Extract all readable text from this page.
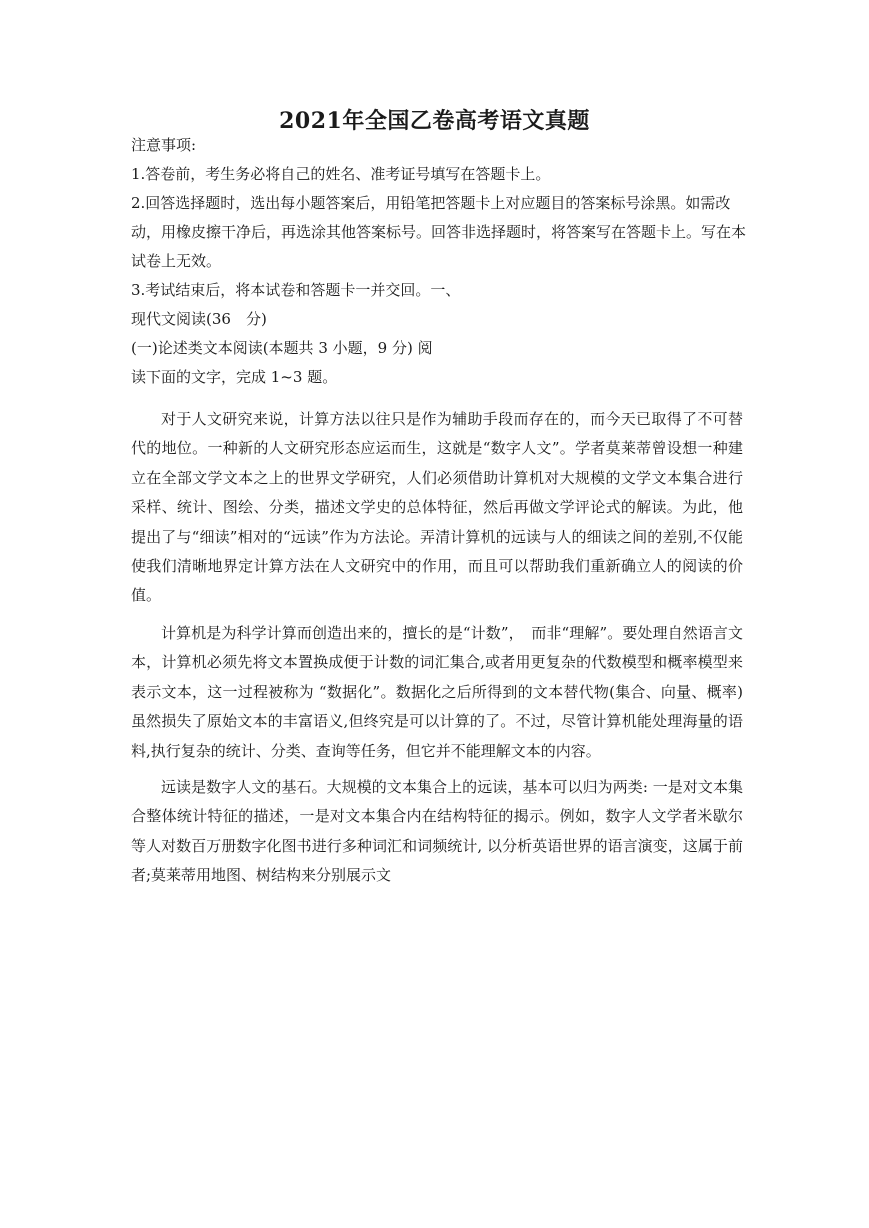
2021年全国乙卷高考语文真题

注意事项:

1.答卷前，考生务必将自己的姓名、准考证号填写在答题卡上。

2.回答选择题时，选出每小题答案后，用铅笔把答题卡上对应题目的答案标号涂黑。如需改

动，用橡皮擦干净后，再选涂其他答案标号。回答非选择题时，将答案写在答题卡上。写在本

试卷上无效。

3.考试结束后，将本试卷和答题卡一并交回。一、

现代文阅读(36　分)

(一)论述类文本阅读(本题共 3 小题，9 分) 阅

读下面的文字，完成 1~3 题。

对于人文研究来说，计算方法以往只是作为辅助手段而存在的，而今天已取得了不可替代的地位。一种新的人文研究形态应运而生，这就是“数字人文”。学者莫莱蒂曾设想一种建立在全部文学文本之上的世界文学研究，人们必须借助计算机对大规模的文学文本集合进行采样、统计、图绘、分类，描述文学史的总体特征，然后再做文学评论式的解读。为此，他提出了与“细读”相对的“远读”作为方法论。弄清计算机的远读与人的细读之间的差别,不仅能使我们清晰地界定计算方法在人文研究中的作用，而且可以帮助我们重新确立人的阅读的价值。

计算机是为科学计算而创造出来的，擅长的是“计数”，　而非“理解”。要处理自然语言文本，计算机必须先将文本置换成便于计数的词汇集合,或者用更复杂的代数模型和概率模型来表示文本，这一过程被称为 “数据化”。数据化之后所得到的文本替代物(集合、向量、概率)虽然损失了原始文本的丰富语义,但终究是可以计算的了。不过，尽管计算机能处理海量的语料,执行复杂的统计、分类、查询等任务，但它并不能理解文本的内容。

远读是数字人文的基石。大规模的文本集合上的远读，基本可以归为两类: 一是对文本集合整体统计特征的描述，一是对文本集合内在结构特征的揭示。例如，数字人文学者米歇尔等人对数百万册数字化图书进行多种词汇和词频统计, 以分析英语世界的语言演变，这属于前者;莫莱蒂用地图、树结构来分别展示文
